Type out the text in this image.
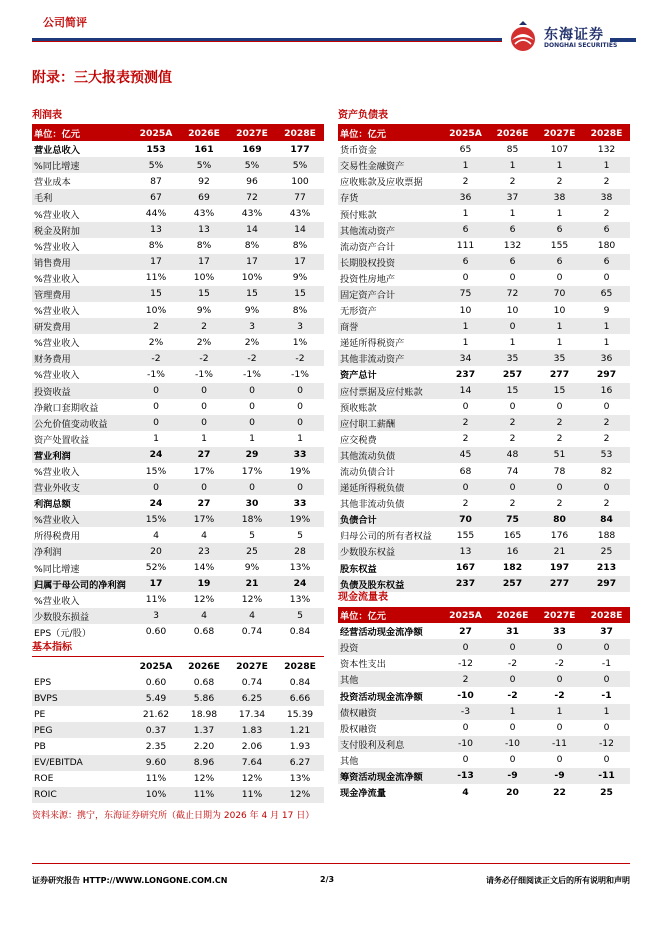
公司简评
东海证券
DONGHAI SECURITIES
附录：三大报表预测值
利润表
单位：亿元	2025A	2026E	2027E	2028E
营业总收入	153	161	169	177
%同比增速	5%	5%	5%	5%
营业成本	87	92	96	100
毛利	67	69	72	77
%营业收入	44%	43%	43%	43%
税金及附加	13	13	14	14
%营业收入	8%	8%	8%	8%
销售费用	17	17	17	17
%营业收入	11%	10%	10%	9%
管理费用	15	15	15	15
%营业收入	10%	9%	9%	8%
研发费用	2	2	3	3
%营业收入	2%	2%	2%	1%
财务费用	-2	-2	-2	-2
%营业收入	-1%	-1%	-1%	-1%
投资收益	0	0	0	0
净敞口套期收益	0	0	0	0
公允价值变动收益	0	0	0	0
资产处置收益	1	1	1	1
营业利润	24	27	29	33
%营业收入	15%	17%	17%	19%
营业外收支	0	0	0	0
利润总额	24	27	30	33
%营业收入	15%	17%	18%	19%
所得税费用	4	4	5	5
净利润	20	23	25	28
%同比增速	52%	14%	9%	13%
归属于母公司的净利润	17	19	21	24
%营业收入	11%	12%	12%	13%
少数股东损益	3	4	4	5
EPS（元/股）	0.60	0.68	0.74	0.84
基本指标
	2025A	2026E	2027E	2028E
EPS	0.60	0.68	0.74	0.84
BVPS	5.49	5.86	6.25	6.66
PE	21.62	18.98	17.34	15.39
PEG	0.37	1.37	1.83	1.21
PB	2.35	2.20	2.06	1.93
EV/EBITDA	9.60	8.96	7.64	6.27
ROE	11%	12%	12%	13%
ROIC	10%	11%	11%	12%
资产负债表
单位：亿元	2025A	2026E	2027E	2028E
货币资金	65	85	107	132
交易性金融资产	1	1	1	1
应收账款及应收票据	2	2	2	2
存货	36	37	38	38
预付账款	1	1	1	2
其他流动资产	6	6	6	6
流动资产合计	111	132	155	180
长期股权投资	6	6	6	6
投资性房地产	0	0	0	0
固定资产合计	75	72	70	65
无形资产	10	10	10	9
商誉	1	0	1	1
递延所得税资产	1	1	1	1
其他非流动资产	34	35	35	36
资产总计	237	257	277	297
应付票据及应付账款	14	15	15	16
预收账款	0	0	0	0
应付职工薪酬	2	2	2	2
应交税费	2	2	2	2
其他流动负债	45	48	51	53
流动负债合计	68	74	78	82
递延所得税负债	0	0	0	0
其他非流动负债	2	2	2	2
负债合计	70	75	80	84
归母公司的所有者权益	155	165	176	188
少数股东权益	13	16	21	25
股东权益	167	182	197	213
负债及股东权益	237	257	277	297
现金流量表
单位：亿元	2025A	2026E	2027E	2028E
经营活动现金流净额	27	31	33	37
投资	0	0	0	0
资本性支出	-12	-2	-2	-1
其他	2	0	0	0
投资活动现金流净额	-10	-2	-2	-1
债权融资	-3	1	1	1
股权融资	0	0	0	0
支付股利及利息	-10	-10	-11	-12
其他	0	0	0	0
筹资活动现金流净额	-13	-9	-9	-11
现金净流量	4	20	22	25
资料来源：携宁，东海证券研究所（截止日期为 2026 年 4 月 17 日）
证券研究报告 HTTP://WWW.LONGONE.COM.CN	2/3	请务必仔细阅读正文后的所有说明和声明
